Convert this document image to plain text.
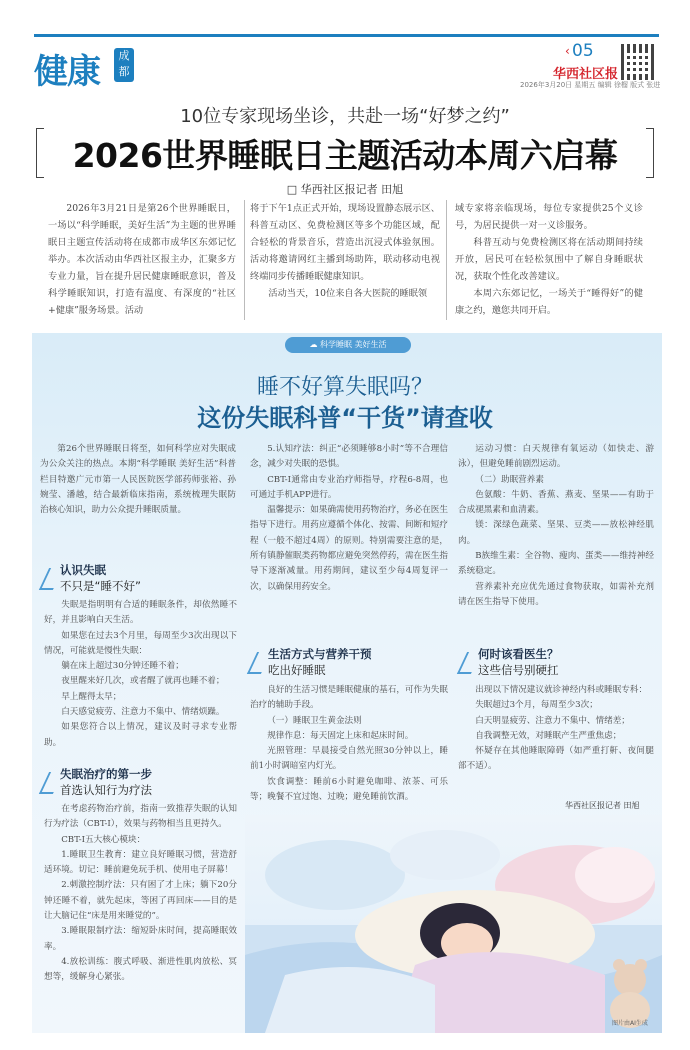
健康	成都
‹ 05
华西社区报
2026年3月20日 星期五 编辑 徐榴 版式 张进
10位专家现场坐诊，共赴一场“好梦之约”
2026世界睡眠日主题活动本周六启幕
□ 华西社区报记者 田旭

2026年3月21日是第26个世界睡眠日，一场以“科学睡眠，美好生活”为主题的世界睡眠日主题宣传活动将在成都市成华区东郊记忆举办。本次活动由华西社区报主办，汇聚多方专业力量，旨在提升居民健康睡眠意识，普及科学睡眠知识，打造有温度、有深度的“社区+健康”服务场景。活动

将于下午1点正式开始，现场设置静态展示区、科普互动区、免费检测区等多个功能区域，配合轻松的背景音乐，营造出沉浸式体验氛围。活动将邀请网红主播到场助阵，联动移动电视终端同步传播睡眠健康知识。

活动当天，10位来自各大医院的睡眠领

域专家将亲临现场，每位专家提供25个义诊号，为居民提供一对一义诊服务。

科普互动与免费检测区将在活动期间持续开放，居民可在轻松氛围中了解自身睡眠状况，获取个性化改善建议。

本周六东郊记忆，一场关于“睡得好”的健康之约，邀您共同开启。

☁ 科学睡眠 美好生活
睡不好算失眠吗？
这份失眠科普“干货”请查收

第26个世界睡眠日将至，如何科学应对失眠成为公众关注的热点。本期“科学睡眠 美好生活”科普栏目特邀广元市第一人民医院医学部药师张裕、孙婉莹、潘越，结合最新临床指南，系统梳理失眠防治核心知识，助力公众提升睡眠质量。

认识失眠
不只是“睡不好”

失眠是指明明有合适的睡眠条件，却依然睡不好，并且影响白天生活。

如果您在过去3个月里，每周至少3次出现以下情况，可能就是慢性失眠：

躺在床上超过30分钟还睡不着；

夜里醒来好几次，或者醒了就再也睡不着；

早上醒得太早；

白天感觉疲劳、注意力不集中、情绪烦躁。

如果您符合以上情况，建议及时寻求专业帮助。

失眠治疗的第一步
首选认知行为疗法

在考虑药物治疗前，指南一致推荐失眠的认知行为疗法（CBT-I），效果与药物相当且更持久。

CBT-I五大核心模块：

1.睡眠卫生教育：建立良好睡眠习惯，营造舒适环境。切记：睡前避免玩手机、使用电子屏幕！

2.刺激控制疗法：只有困了才上床；躺下20分钟还睡不着，就先起床，等困了再回床——目的是让大脑记住“床是用来睡觉的”。

3.睡眠限制疗法：缩短卧床时间，提高睡眠效率。

4.放松训练：腹式呼吸、渐进性肌肉放松、冥想等，缓解身心紧张。

5.认知疗法：纠正“必须睡够8小时”等不合理信念，减少对失眠的恐惧。

CBT-I通常由专业治疗师指导，疗程6-8周，也可通过手机APP进行。

温馨提示：如果确需使用药物治疗，务必在医生指导下进行。用药应遵循个体化、按需、间断和短疗程（一般不超过4周）的原则。特别需要注意的是，所有镇静催眠类药物都应避免突然停药，需在医生指导下逐渐减量。用药期间，建议至少每4周复评一次，以确保用药安全。

生活方式与营养干预
吃出好睡眠

良好的生活习惯是睡眠健康的基石，可作为失眠治疗的辅助手段。

（一）睡眠卫生黄金法则

规律作息：每天固定上床和起床时间。

光照管理：早晨接受自然光照30分钟以上，睡前1小时调暗室内灯光。

饮食调整：睡前6小时避免咖啡、浓茶、可乐等；晚餐不宜过饱、过晚；避免睡前饮酒。

运动习惯：白天规律有氧运动（如快走、游泳），但避免睡前剧烈运动。

（二）助眠营养素

色氨酸：牛奶、香蕉、燕麦、坚果——有助于合成褪黑素和血清素。

镁：深绿色蔬菜、坚果、豆类——放松神经肌肉。

B族维生素：全谷物、瘦肉、蛋类——维持神经系统稳定。

营养素补充应优先通过食物获取，如需补充剂请在医生指导下使用。

何时该看医生？
这些信号别硬扛

出现以下情况建议就诊神经内科或睡眠专科：

失眠超过3个月，每周至少3次；

白天明显疲劳、注意力不集中、情绪差；

自我调整无效，对睡眠产生严重焦虑；

怀疑存在其他睡眠障碍（如严重打鼾、夜间腿部不适）。

华西社区报记者 田旭
图片由AI生成
